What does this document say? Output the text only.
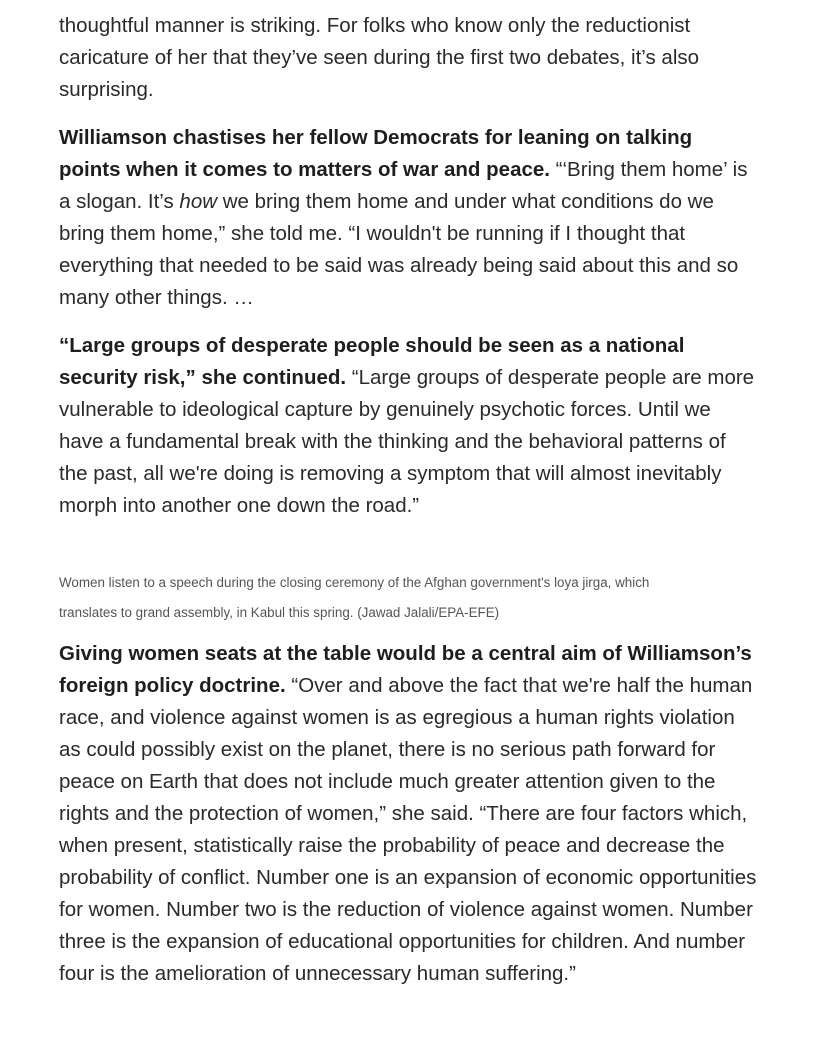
thoughtful manner is striking. For folks who know only the reductionist caricature of her that they’ve seen during the first two debates, it’s also surprising.

Williamson chastises her fellow Democrats for leaning on talking points when it comes to matters of war and peace. “‘Bring them home’ is a slogan. It’s how we bring them home and under what conditions do we bring them home,” she told me. “I wouldn't be running if I thought that everything that needed to be said was already being said about this and so many other things. …

“Large groups of desperate people should be seen as a national security risk,” she continued. “Large groups of desperate people are more vulnerable to ideological capture by genuinely psychotic forces. Until we have a fundamental break with the thinking and the behavioral patterns of the past, all we're doing is removing a symptom that will almost inevitably morph into another one down the road.”

Women listen to a speech during the closing ceremony of the Afghan government's loya jirga, which
translates to grand assembly, in Kabul this spring. (Jawad Jalali/EPA-EFE)

Giving women seats at the table would be a central aim of Williamson’s foreign policy doctrine. “Over and above the fact that we're half the human race, and violence against women is as egregious a human rights violation as could possibly exist on the planet, there is no serious path forward for peace on Earth that does not include much greater attention given to the rights and the protection of women,” she said. “There are four factors which, when present, statistically raise the probability of peace and decrease the probability of conflict. Number one is an expansion of economic opportunities for women. Number two is the reduction of violence against women. Number three is the expansion of educational opportunities for children. And number four is the amelioration of unnecessary human suffering.”
